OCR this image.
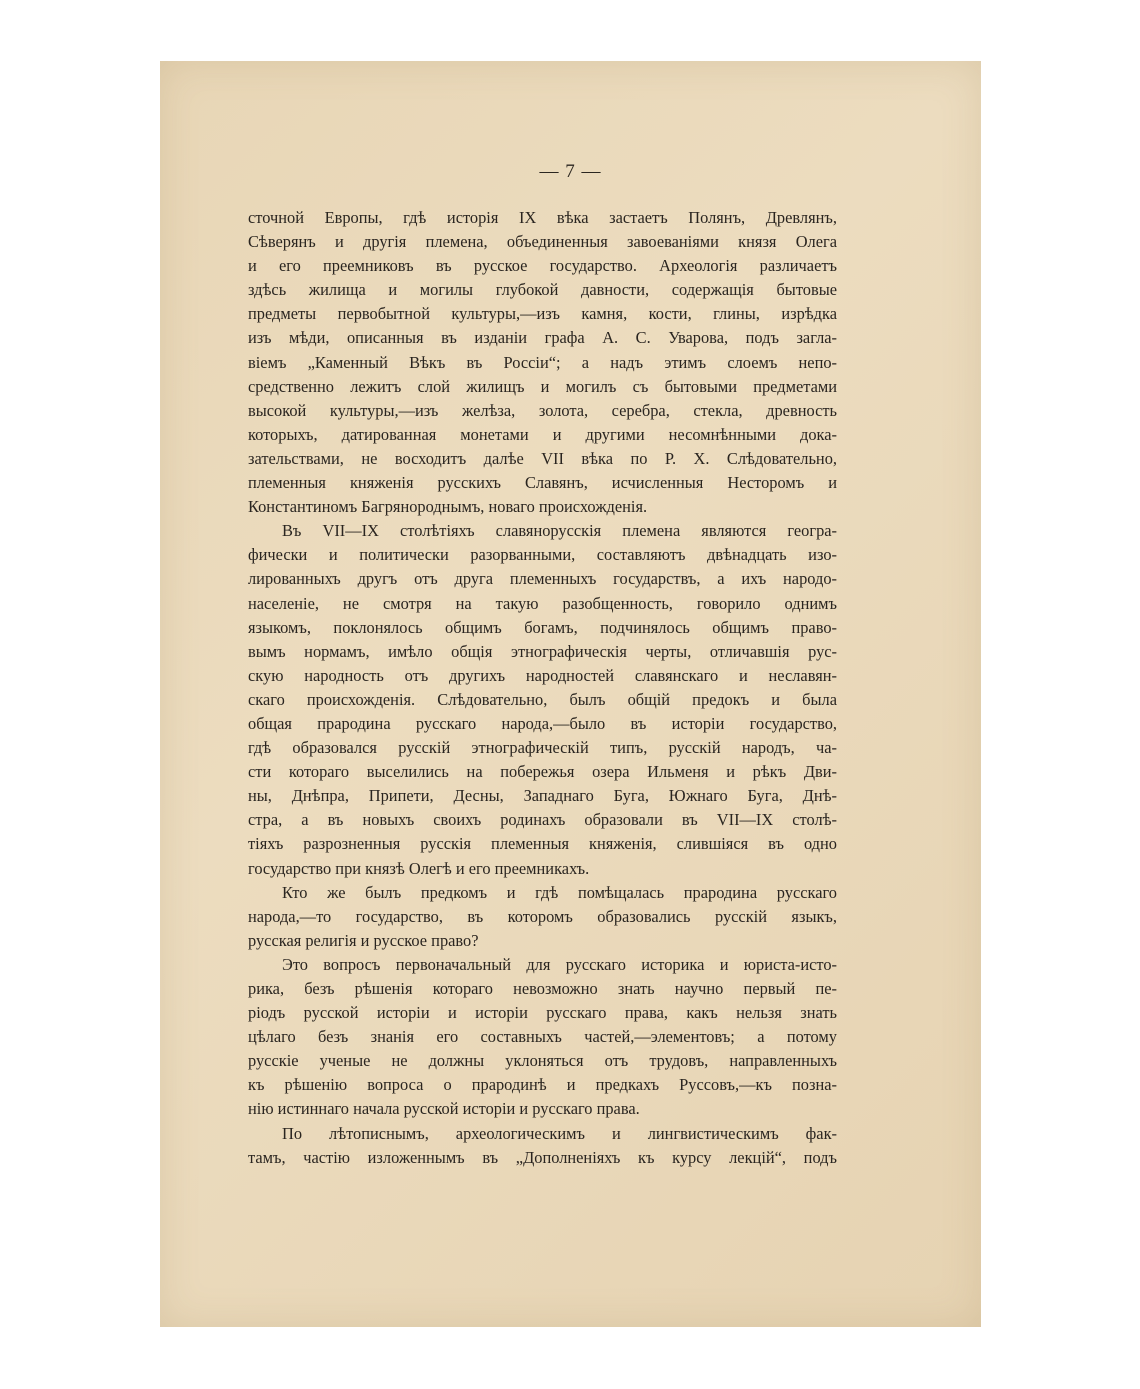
— 7 —
сточной Европы, гдѣ исторія IX вѣка застаетъ Полянъ, Древлянъ,
Сѣверянъ и другія племена, объединенныя завоеваніями князя Олега
и его преемниковъ въ русское государство. Археологія различаетъ
здѣсь жилища и могилы глубокой давности, содержащія бытовые
предметы первобытной культуры,—изъ камня, кости, глины, изрѣдка
изъ мѣди, описанныя въ изданіи графа А. С. Уварова, подъ загла-
віемъ „Каменный Вѣкъ въ Россіи“; а надъ этимъ слоемъ непо-
средственно лежитъ слой жилищъ и могилъ съ бытовыми предметами
высокой культуры,—изъ желѣза, золота, серебра, стекла, древность
которыхъ, датированная монетами и другими несомнѣнными дока-
зательствами, не восходитъ далѣе VII вѣка по Р. Х. Слѣдовательно,
племенныя княженія русскихъ Славянъ, исчисленныя Несторомъ и
Константиномъ Багрянороднымъ, новаго происхожденія.
Въ VII—IX столѣтіяхъ славянорусскія племена являются геогра-
фически и политически разорванными, составляютъ двѣнадцать изо-
лированныхъ другъ отъ друга племенныхъ государствъ, а ихъ народо-
населеніе, не смотря на такую разобщенность, говорило однимъ
языкомъ, поклонялось общимъ богамъ, подчинялось общимъ право-
вымъ нормамъ, имѣло общія этнографическія черты, отличавшія рус-
скую народность отъ другихъ народностей славянскаго и неславян-
скаго происхожденія. Слѣдовательно, былъ общій предокъ и была
общая прародина русскаго народа,—было въ исторіи государство,
гдѣ образовался русскій этнографическій типъ, русскій народъ, ча-
сти котораго выселились на побережья озера Ильменя и рѣкъ Дви-
ны, Днѣпра, Припети, Десны, Западнаго Буга, Южнаго Буга, Днѣ-
стра, а въ новыхъ своихъ родинахъ образовали въ VII—IX столѣ-
тіяхъ разрозненныя русскія племенныя княженія, слившіяся въ одно
государство при князѣ Олегѣ и его преемникахъ.
Кто же былъ предкомъ и гдѣ помѣщалась прародина русскаго
народа,—то государство, въ которомъ образовались русскій языкъ,
русская религія и русское право?
Это вопросъ первоначальный для русскаго историка и юриста-исто-
рика, безъ рѣшенія котораго невозможно знать научно первый пе-
ріодъ русской исторіи и исторіи русскаго права, какъ нельзя знать
цѣлаго безъ знанія его составныхъ частей,—элементовъ; а потому
русскіе ученые не должны уклоняться отъ трудовъ, направленныхъ
къ рѣшенію вопроса о прародинѣ и предкахъ Руссовъ,—къ позна-
нію истиннаго начала русской исторіи и русскаго права.
По лѣтописнымъ, археологическимъ и лингвистическимъ фак-
тамъ, частію изложеннымъ въ „Дополненіяхъ къ курсу лекцій“, подъ
